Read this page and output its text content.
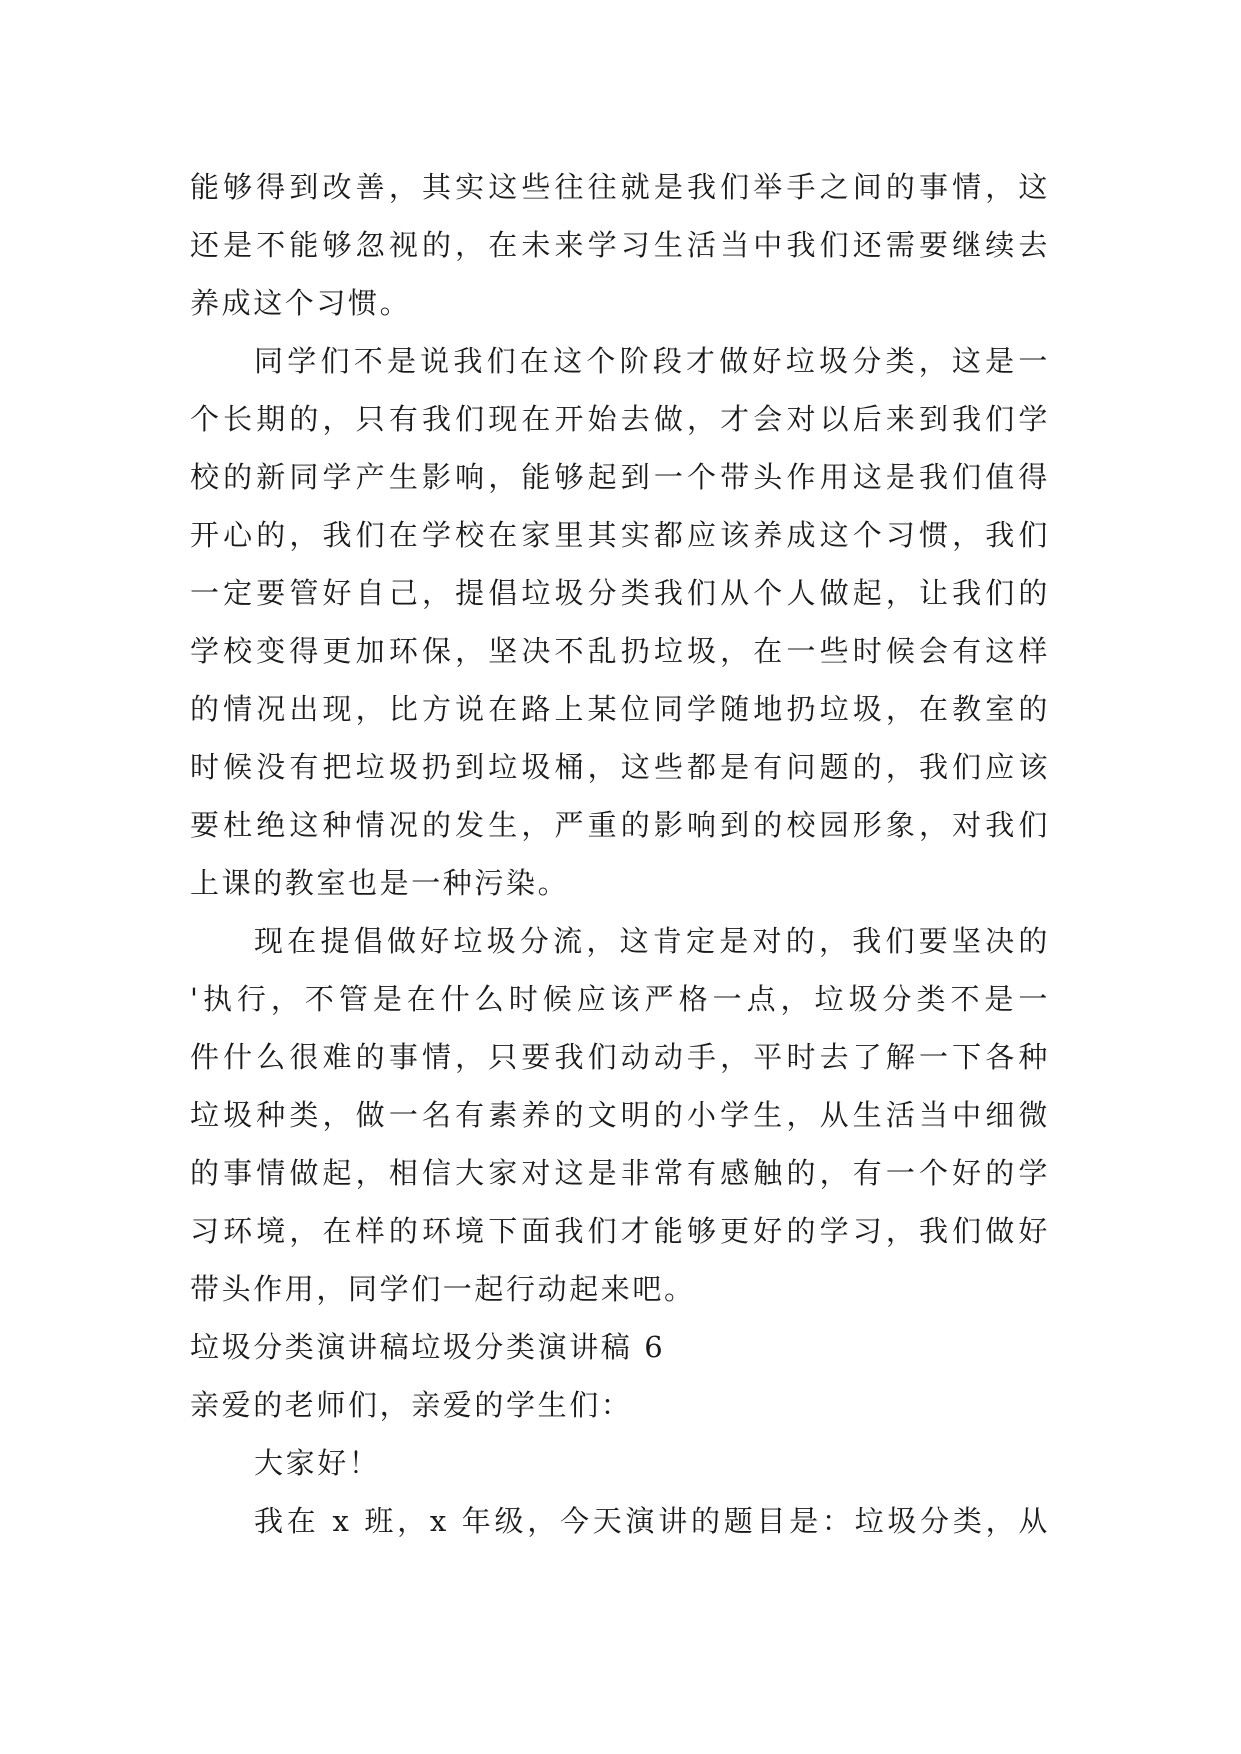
能够得到改善，其实这些往往就是我们举手之间的事情，这
还是不能够忽视的，在未来学习生活当中我们还需要继续去
养成这个习惯。
同学们不是说我们在这个阶段才做好垃圾分类，这是一
个长期的，只有我们现在开始去做，才会对以后来到我们学
校的新同学产生影响，能够起到一个带头作用这是我们值得
开心的，我们在学校在家里其实都应该养成这个习惯，我们
一定要管好自己，提倡垃圾分类我们从个人做起，让我们的
学校变得更加环保，坚决不乱扔垃圾，在一些时候会有这样
的情况出现，比方说在路上某位同学随地扔垃圾，在教室的
时候没有把垃圾扔到垃圾桶，这些都是有问题的，我们应该
要杜绝这种情况的发生，严重的影响到的校园形象，对我们
上课的教室也是一种污染。
现在提倡做好垃圾分流，这肯定是对的，我们要坚决的
'执行，不管是在什么时候应该严格一点，垃圾分类不是一
件什么很难的事情，只要我们动动手，平时去了解一下各种
垃圾种类，做一名有素养的文明的小学生，从生活当中细微
的事情做起，相信大家对这是非常有感触的，有一个好的学
习环境，在样的环境下面我们才能够更好的学习，我们做好
带头作用，同学们一起行动起来吧。
垃圾分类演讲稿垃圾分类演讲稿 6
亲爱的老师们，亲爱的学生们：
大家好！
我在 x 班，x 年级，今天演讲的题目是：垃圾分类，从
